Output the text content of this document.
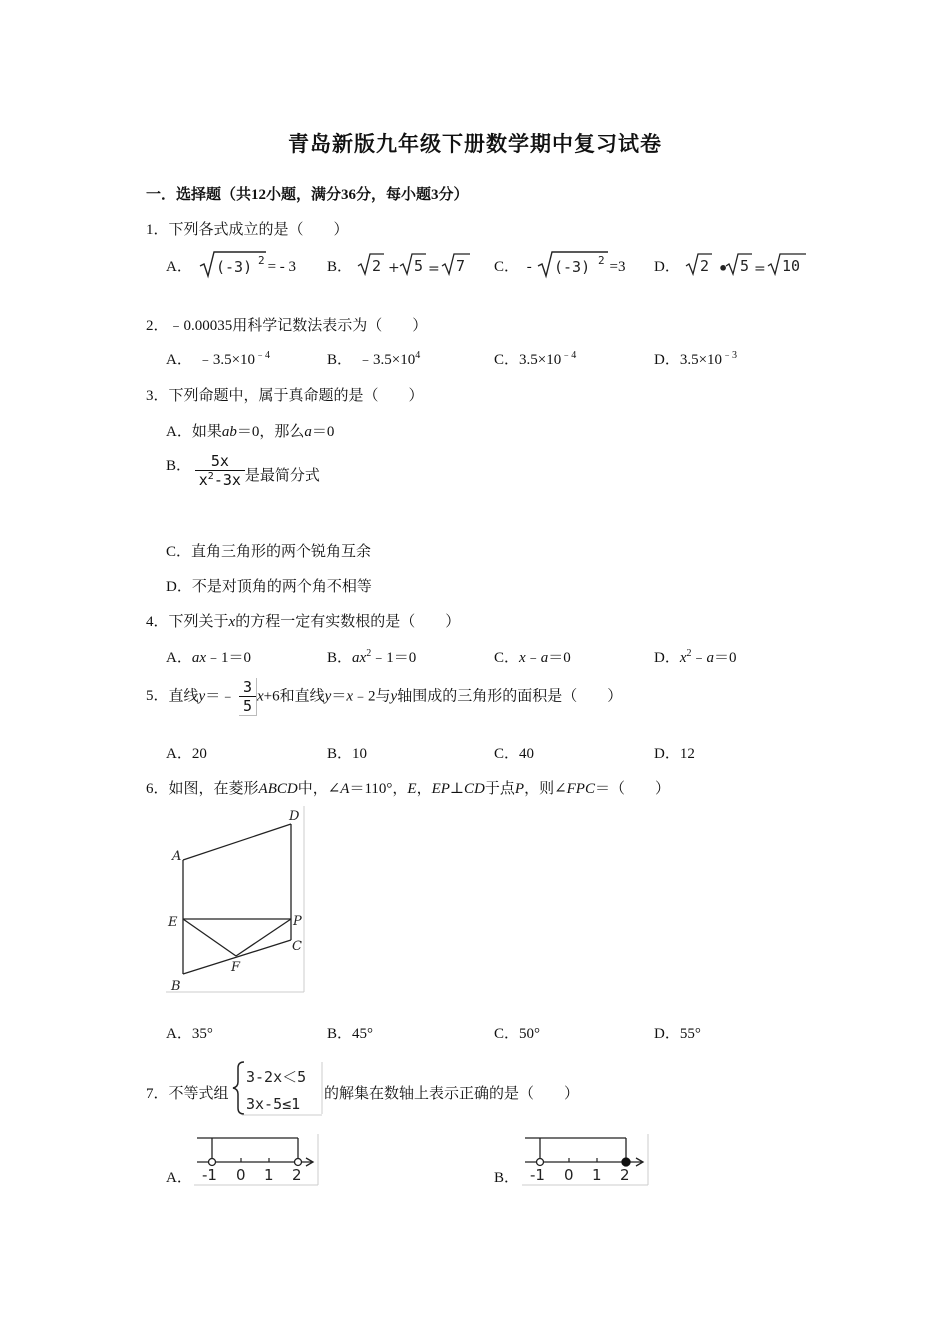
青岛新版九年级下册数学期中复习试卷
一．选择题（共12小题，满分36分，每小题3分）
1．下列各式成立的是（　　）
A． (-3) 2 = - 3 B． 2 + 5 = 7 C． - (-3) 2 =3 D． 2 • 5 = 10
2．﹣0.00035用科学记数法表示为（　　）
A． $﹣3.5\times 10^{﹣4}$	B． $﹣3.5\times 10^4$	C．$3.5\times 10^{﹣4}$	D．$3.5\times 10^{﹣3}$
3．下列命题中，属于真命题的是（　　）
A．如果ab＝0，那么a＝0
B． $\frac{5x}{x^2-3x}$ 是最简分式
C．直角三角形的两个锐角互余
D．不是对顶角的两个角不相等
4．下列关于x的方程一定有实数根的是（　　）
A．ax﹣1＝0	B．$ax^2﹣1=0$	C．x﹣a＝0	D．$x^2﹣a=0$
5．直线y＝﹣ $\frac{3}{5} x+6$和直线y＝x﹣2与y轴围成的三角形的面积是（　　）
A．20	B．10	C．40	D．12
6．如图，在菱形ABCD中，∠A＝110°，E，EP⊥CD于点P，则∠FPC＝（　　）
A
D
E	P
C
F
B
A．35°	B．45°	C．50°	D．55°
7．不等式组
3-2x＜5
3x-5≤1
的解集在数轴上表示正确的是（　　）
A． -1 0 1 2	B． -1 0 1 2
